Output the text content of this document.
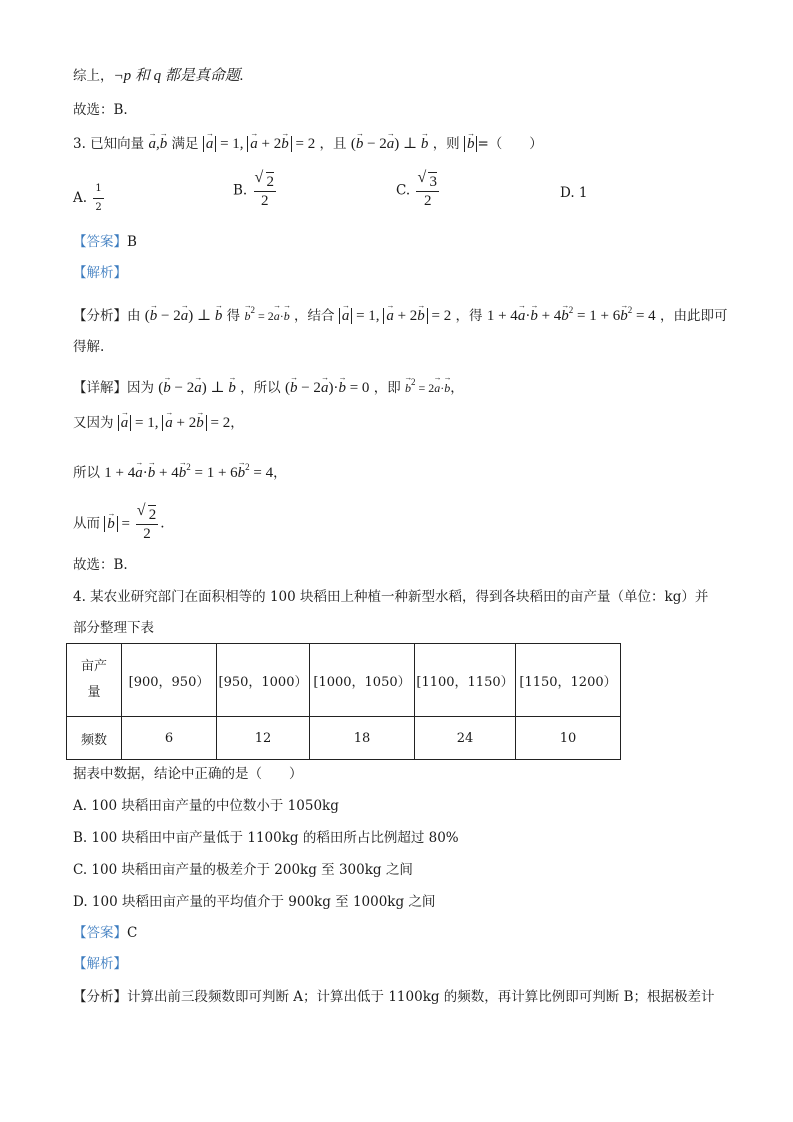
综上，¬p 和 q 都是真命题.
故选：B.
3. 已知向量 → a,→ b 满足 → a = 1, → a + 2→ b = 2 ，且 (→ b − 2→ a) ⊥ → b ，则 → b =（　　）
A. $\frac{1}{2}$	B. √ $\frac{2}{2}$	C. √ $\frac{3}{2}$	D. 1
【答案】B
【解析】
【分析】由 (→ b − 2→ a) ⊥ → b 得 → $b^2 = 2\to a\cdot\to b$ ，结合 → a = 1, → a + 2→ b = 2 ，得 $1 + 4\to a\cdot\to b + 4\to b^2 = 1 + 6\to b^2 = 4$ ，由此即可
得解.
【详解】因为 (→ b − 2→ a) ⊥ → b ，所以 (→ b − 2→ a)·→ b = 0 ，即 → $b^2 = 2\to a\cdot\to b$，
又因为 → a = 1, → a + 2→ b = 2，
所以 $1 + 4\to a\cdot\to b + 4\to b^2 = 1 + 6\to b^2 = 4$，
从而 → b = √ $\frac{2}{2}$ .
故选：B.
4. 某农业研究部门在面积相等的 100 块稻田上种植一种新型水稻，得到各块稻田的亩产量（单位：kg）并
部分整理下表
亩产
量	[900，950）	[950，1000）	[1000，1050）	[1100，1150）	[1150，1200）
频数	6	12	18	24	10
据表中数据，结论中正确的是（　　）
A. 100 块稻田亩产量的中位数小于 1050kg
B. 100 块稻田中亩产量低于 1100kg 的稻田所占比例超过 80%
C. 100 块稻田亩产量的极差介于 200kg 至 300kg 之间
D. 100 块稻田亩产量的平均值介于 900kg 至 1000kg 之间
【答案】C
【解析】
【分析】计算出前三段频数即可判断 A；计算出低于 1100kg 的频数，再计算比例即可判断 B；根据极差计
